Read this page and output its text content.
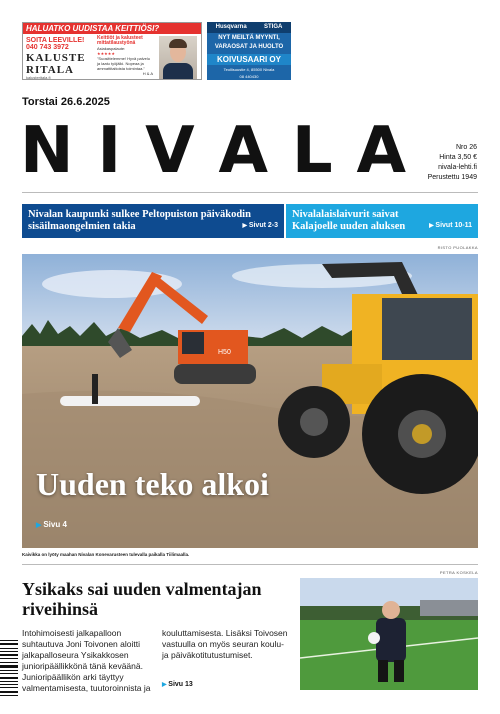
HALUATKO UUDISTAA KEITTIÖSI?
SOITA LEEVILLE!
040 743 3972
KALUSTE
RITALA
kalusteritala.fi
Keittiöt ja kalusteet mittatilaustyönä
Asiakaspalaute:
★★★★★
"Suosittelemme! Hyvä palvelu ja laatu työjälki. Nopeaa ja ammattitaitoista toimintaa."
H & A
Husqvarna	STIGA
NYT MEILTÄ MYYNTI,
VARAOSAT JA HUOLTO
KOIVUSAARI OY
Teollisuustie 4, 85500 Nivala
08 440430
Torstai 26.6.2025
N I V A L A	Nro 26
Hinta 3,50 €
nivala-lehti.fi
Perustettu 1949
Nivalan kaupunki sulkee Peltopuiston päiväkodin sisäilmaongelmien takia	▶ Sivut 2-3
Nivalalaislaivurit saivat Kalajoelle uuden aluksen	▶ Sivut 10-11
RISTO PUOLAKKA
H50
Uuden teko alkoi
▶ Sivu 4
Kaivikka on lyöty maahan Nivalan Konevarusteen tulevalla paikalla Tiilimaalla.
Ysikaks sai uuden valmentajan riveihinsä
Intohimoisesti jalkapalloon suhtautuva Joni Toivonen aloitti jalkapalloseura Ysikakkosen junioripäällikkönä tänä keväänä. Junioripäällikön arki täyttyy valmentamisesta, tuutoroinnista ja
kouluttamisesta. Lisäksi Toivosen vastuulla on myös seuran koulu- ja päiväkotitutustumiset.
▶ Sivu 13
PETRA KOSKELA
